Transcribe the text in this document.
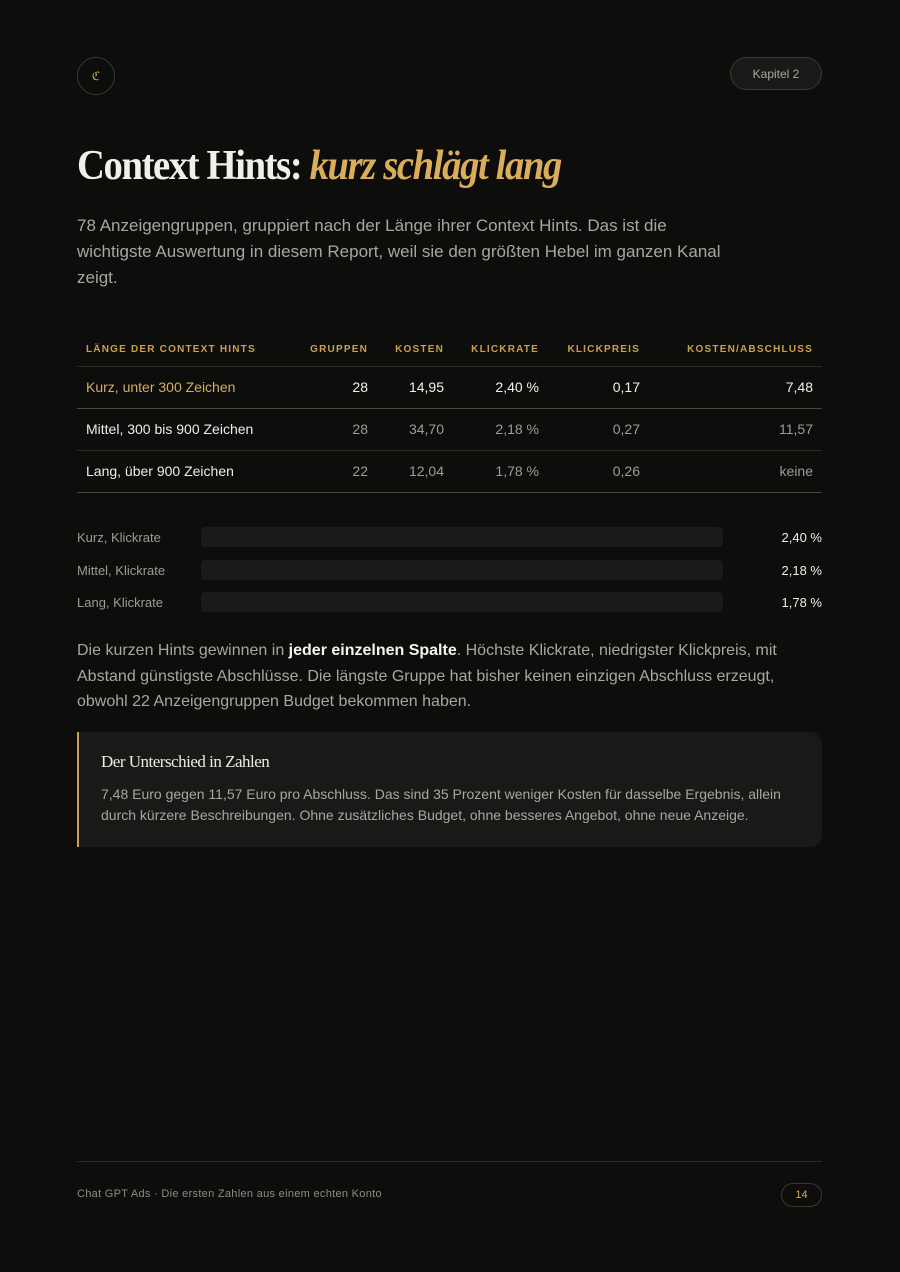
ℭ	Kapitel 2
Context Hints: kurz schlägt lang

78 Anzeigengruppen, gruppiert nach der Länge ihrer Context Hints. Das ist die wichtigste Auswertung in diesem Report, weil sie den größten Hebel im ganzen Kanal zeigt.

LÄNGE DER CONTEXT HINTS	GRUPPEN	KOSTEN	KLICKRATE	KLICKPREIS	KOSTEN/ABSCHLUSS
Kurz, unter 300 Zeichen	28	14,95	2,40 %	0,17	7,48
Mittel, 300 bis 900 Zeichen	28	34,70	2,18 %	0,27	11,57
Lang, über 900 Zeichen	22	12,04	1,78 %	0,26	keine
Kurz, Klickrate	2,40 %
Mittel, Klickrate	2,18 %
Lang, Klickrate	1,78 %

Die kurzen Hints gewinnen in jeder einzelnen Spalte. Höchste Klickrate, niedrigster Klickpreis, mit Abstand günstigste Abschlüsse. Die längste Gruppe hat bisher keinen einzigen Abschluss erzeugt, obwohl 22 Anzeigengruppen Budget bekommen haben.

Der Unterschied in Zahlen
7,48 Euro gegen 11,57 Euro pro Abschluss. Das sind 35 Prozent weniger Kosten für dasselbe Ergebnis, allein durch kürzere Beschreibungen. Ohne zusätzliches Budget, ohne besseres Angebot, ohne neue Anzeige.
Chat GPT Ads · Die ersten Zahlen aus einem echten Konto	14
